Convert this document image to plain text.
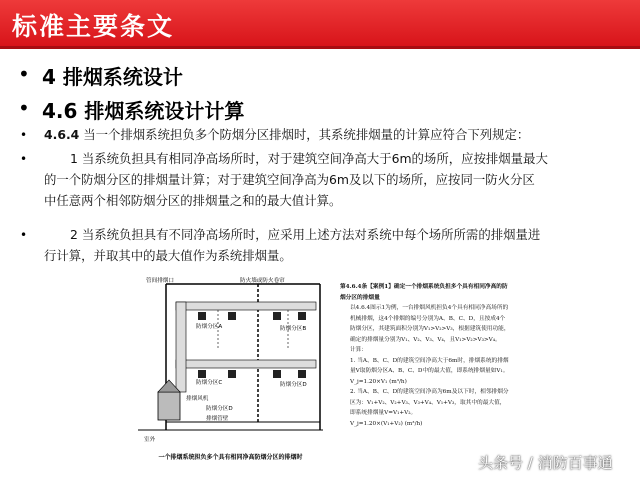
标准主要条文
• 4 排烟系统设计
• 4.6 排烟系统设计计算
• 4.6.4 当一个排烟系统担负多个防烟分区排烟时，其系统排烟量的计算应符合下列规定：
•	1 当系统负担具有相同净高场所时，对于建筑空间净高大于6m的场所，应按排烟量最大
的一个防烟分区的排烟量计算；对于建筑空间净高为6m及以下的场所，应按同一防火分区
中任意两个相邻防烟分区的排烟量之和的最大值计算。
•	2 当系统负担具有不同净高场所时，应采用上述方法对系统中每个场所所需的排烟量进
行计算，并取其中的最大值作为系统排烟量。
管间排烟口	防火墙或防火卷帘
防烟分区A	防烟分区B
防烟分区C	防烟分区D
排烟风机
防烟分区D
排烟管壁
室外
一个排烟系统担负多个具有相同净高防烟分区的排烟时

第4.6.4条【案例1】确定一个排烟系统负担多个具有相同净高的防烟分区的排烟量

以4.6.4图示1为例，一台排烟风机担负4个具有相同净高场所的机械排烟，这4个排烟的编号分别为A、B、C、D，且按成4个防烟分区，其建筑面积分别为V₁>V₂>V₃，根据建筑使用功能，确定的排烟量分别为V₁、V₂、V₃、V₄，且V₁>V₂>V₃>V₄。

计算：

1. 当A、B、C、D的建筑空间净高大于6m时，排烟系统的排烟量V取防烟分区A、B、C、D中的最大值，即系统排烟量如V₁。

V_j=1.20×V₁ (m³/h)

2. 当A、B、C、D的建筑空间净高为6m及以下时，相邻排烟分区为：V₁+V₂、V₂+V₃、V₃+V₄、V₁+V₃，取其中的最大值，即系统排烟量V=V₁+V₂。

V_j=1.20×(V₁+V₂) (m³/h)

头条号 / 消防百事通
